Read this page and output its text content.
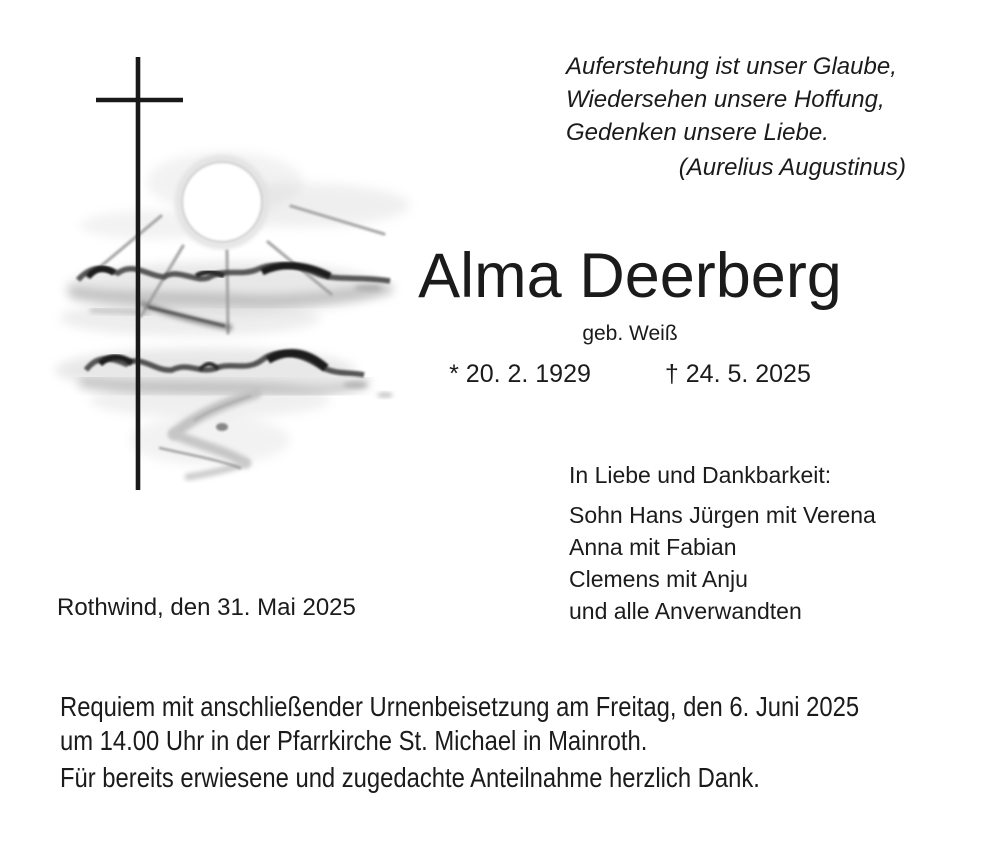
Auferstehung ist unser Glaube,
Wiedersehen unsere Hoffung,
Gedenken unsere Liebe.
(Aurelius Augustinus)
Alma Deerberg
geb. Weiß
* 20. 2. 1929	† 24. 5. 2025
In Liebe und Dankbarkeit:
Sohn Hans Jürgen mit Verena
Anna mit Fabian
Clemens mit Anju
und alle Anverwandten
Rothwind, den 31. Mai 2025
Requiem mit anschließender Urnenbeisetzung am Freitag, den 6. Juni 2025
um 14.00 Uhr in der Pfarrkirche St. Michael in Mainroth.
Für bereits erwiesene und zugedachte Anteilnahme herzlich Dank.
